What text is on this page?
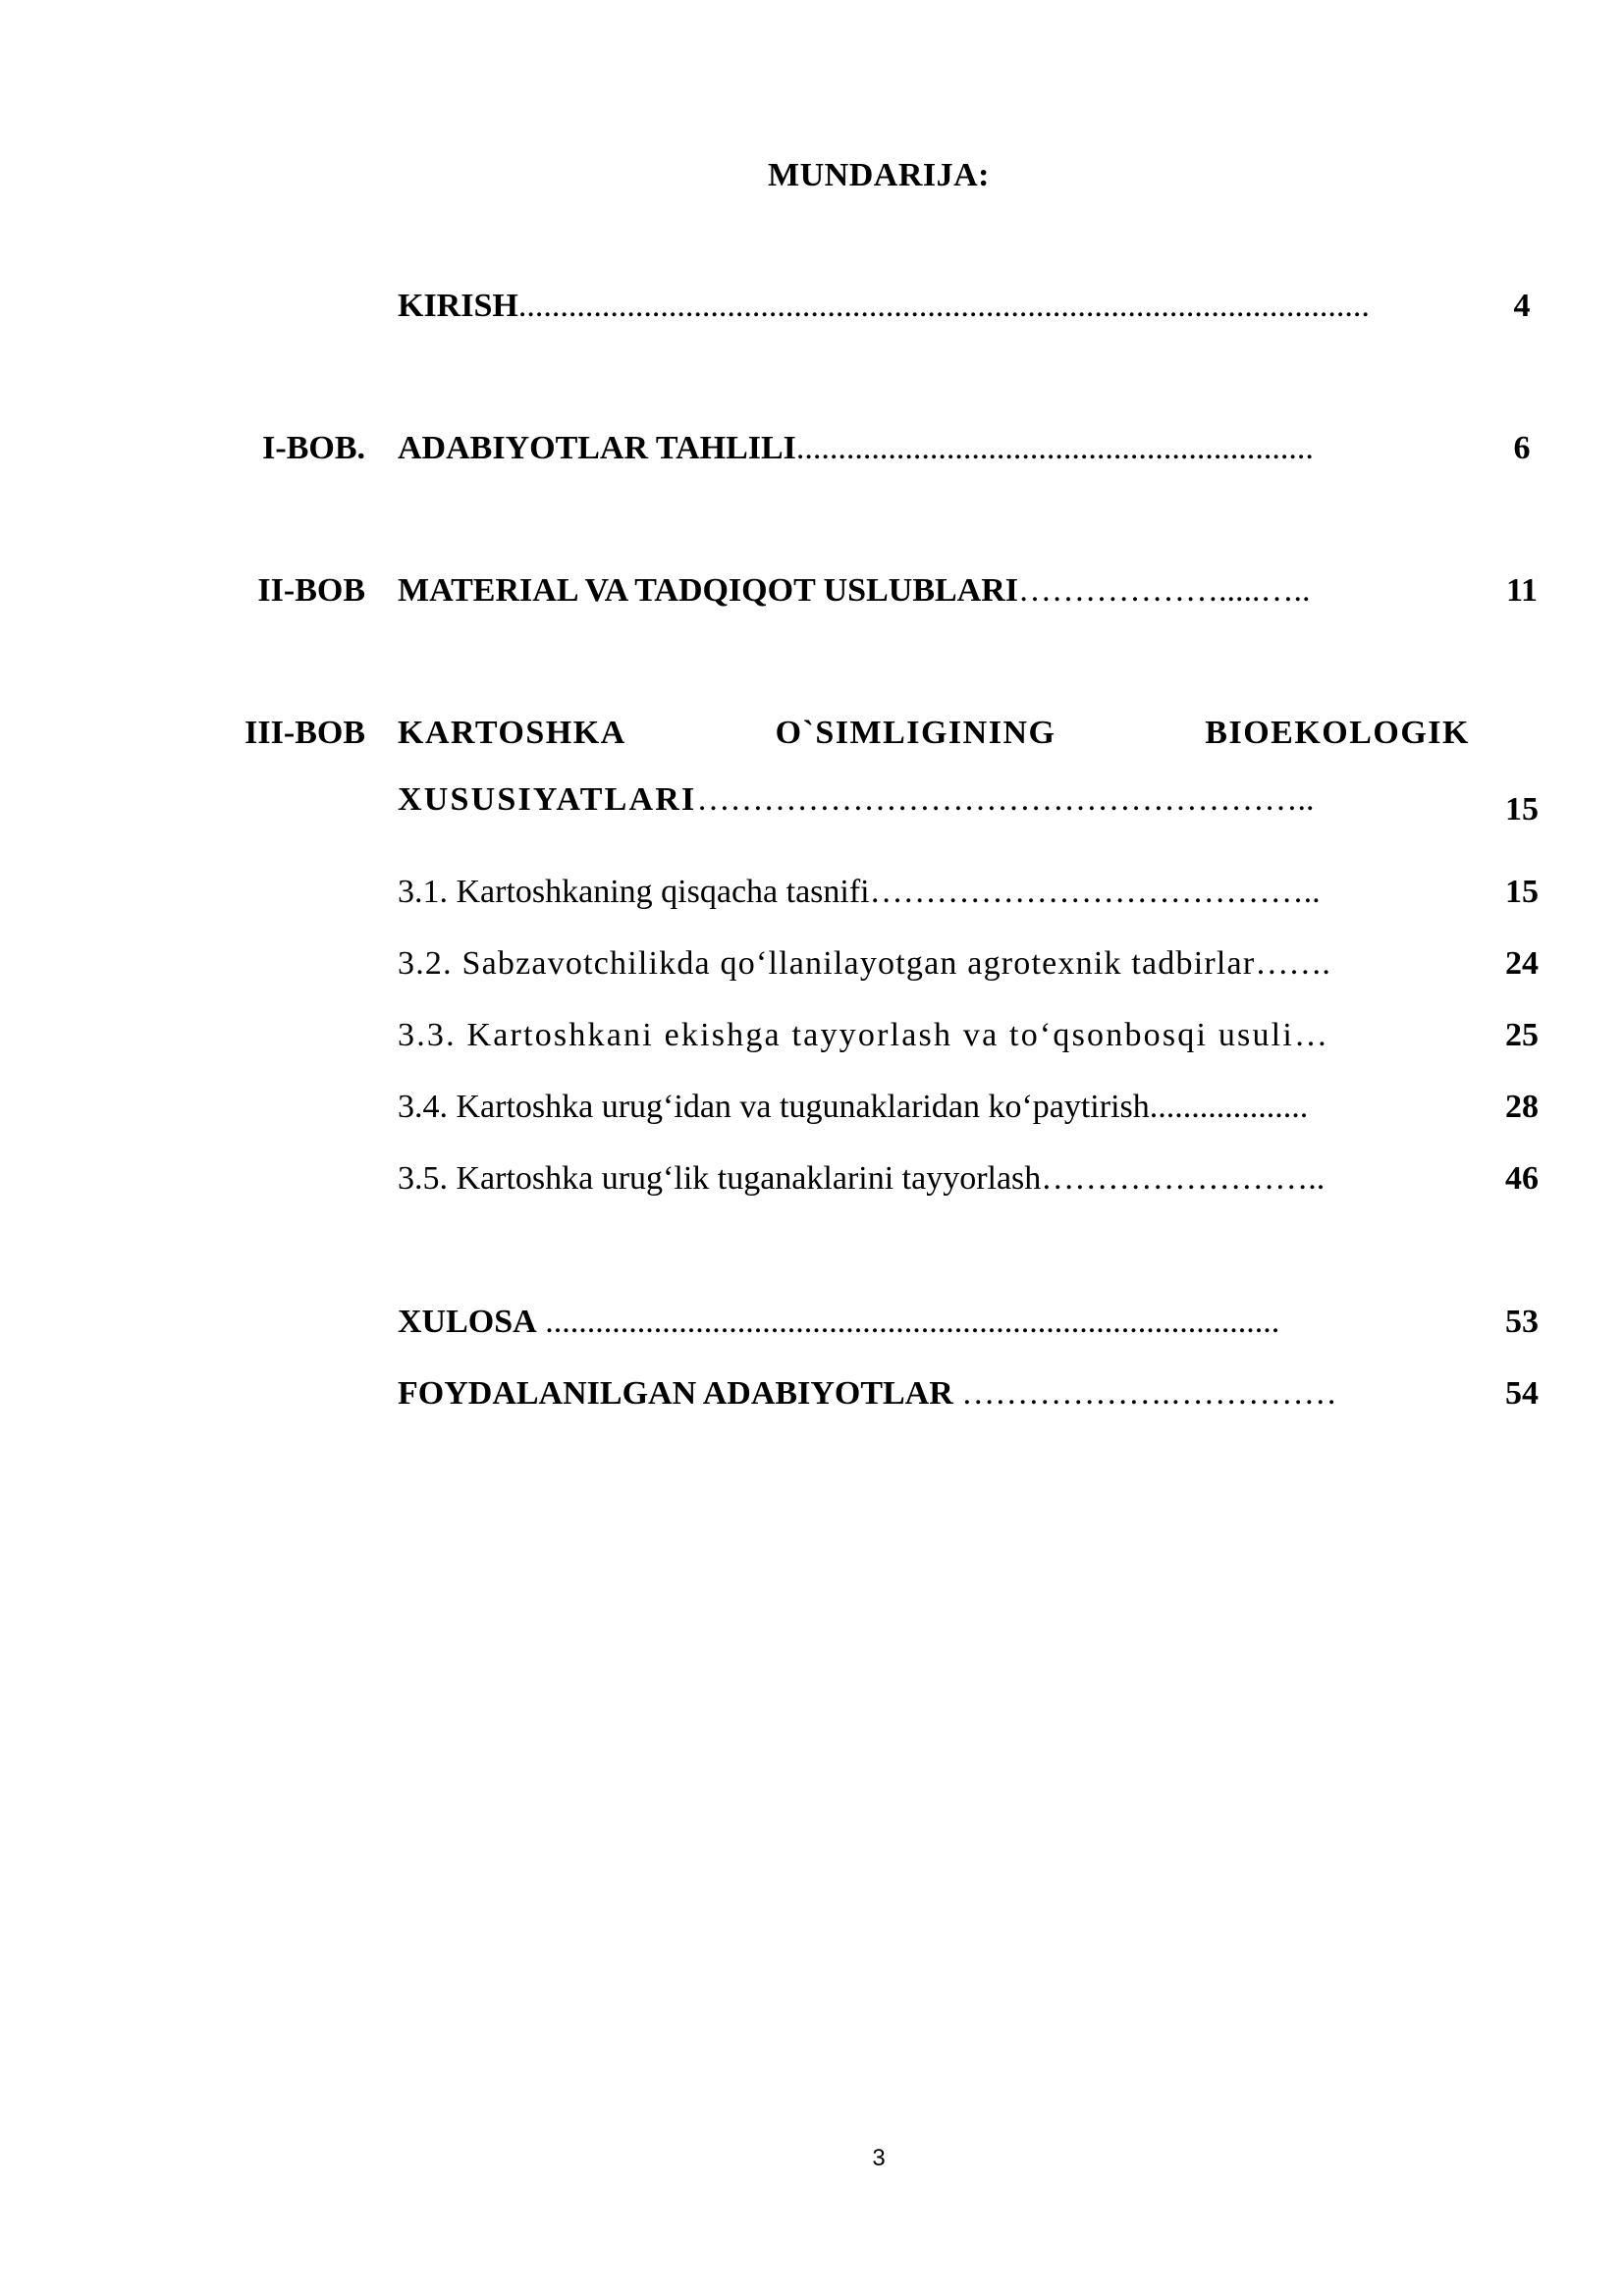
MUNDARIJA:
KIRISH......................................................................................................	4
I-BOB. ADABIYOTLAR TAHLILI..............................................................	6
II-BOB MATERIAL VA TADQIQOT USLUBLARI……………….....…..	11
III-BOB KARTOSHKA	O`SIMLIGINING	BIOEKOLOGIK
XUSUSIYATLARI………………………………………………..	15
3.1. Kartoshkaning qisqacha tasnifi…………………………………..	15
3.2. Sabzavotchilikda qo‘llanilayotgan agrotexnik tadbirlar…….	24
3.3. Kartoshkani ekishga tayyorlash va to‘qsonbosqi usuli…	25
3.4. Kartoshka urug‘idan va tugunaklaridan ko‘paytirish...................	28
3.5. Kartoshka urug‘lik tuganaklarini tayyorlash……………………..	46
XULOSA ........................................................................................	53
FOYDALANILGAN ADABIYOTLAR ……………….……………	54
3
